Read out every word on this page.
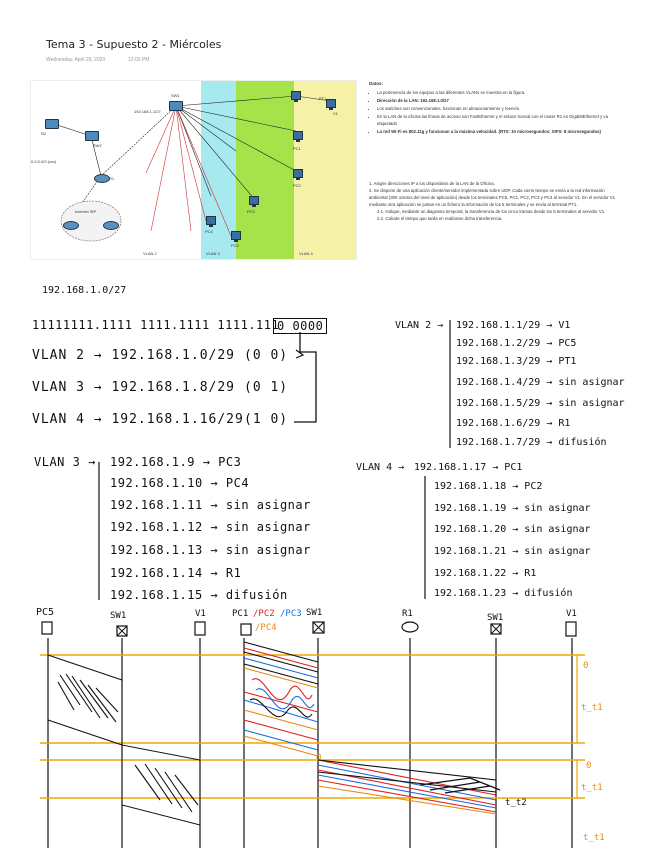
Tema 3 - Supuesto 2 - Miércoles
Wednesday, April 29, 2020	12:00 PM
VLAN 2	VLAN 3	VLAN 4
R2
SW2
0.0.0.0/0 (xxx)
R1
Internet ISP
192.168.1.1/27
SW1
PT1
V1
PC1
PC2
PC3
PC4
PC5
Datos:
• La pertenencia de los equipos a las diferentes VLANs se muestra en la figura.
• Dirección de la LAN: 192.168.1.0/27
• Los switches son convencionales, funcionan en almacenamiento y reenvío
• En la LAN de la oficina las líneas de acceso son FastEthernet y el enlace troncal con el router R1 es GigabitEthernet y va etiquetado
• La red Wi-Fi es 802.11g y funcionan a la máxima velocidad. (RTS: 10 microsegundos; SIFS: 8 microsegundos)
1. Asigne direcciones IP a los dispositivos de la LAN de la Oficina.
2. Se dispone de una aplicación cliente/servidor implementada sobre UDP. Cada cierto tiempo se envía a la red información ambiental (300 octetos del nivel de aplicación) desde los terminales PC5, PC1, PC2, PC3 y PC4 al servidor V1. En el servidor V1 mediante otra aplicación se juntan en un fichero la información de los 5 terminales y se envía al terminal PT1.
2.1. Indique, mediante un diagrama temporal, la transferencia de los cinco tramas desde los 5 terminales al servidor V1.
2.2. Calcule el tiempo que tarda en realizarse dicha transferencia.
192.168.1.0/27
11111111.1111 1111.1111 1111.111
0 0000
VLAN 2 → 192.168.1.0/29 (0 0)
VLAN 3 → 192.168.1.8/29 (0 1)
VLAN 4 → 192.168.1.16/29 (1 0)
VLAN 3 → 192.168.1.9 → PC3
192.168.1.10 → PC4
192.168.1.11 → sin asignar
192.168.1.12 → sin asignar
192.168.1.13 → sin asignar
192.168.1.14 → R1
192.168.1.15 → difusión
VLAN 2 → 192.168.1.1/29 → V1
192.168.1.2/29 → PC5
192.168.1.3/29 → PT1
192.168.1.4/29 → sin asignar
192.168.1.5/29 → sin asignar
192.168.1.6/29 → R1
192.168.1.7/29 → difusión
VLAN 4 → 192.168.1.17 → PC1
192.168.1.18 → PC2
192.168.1.19 → sin asignar
192.168.1.20 → sin asignar
192.168.1.21 → sin asignar
192.168.1.22 → R1
192.168.1.23 → difusión
PC5	SW1	V1	PC1 /PC2 /PC3
/PC4
SW1	R1	SW1	V1
t_t1
t_t1
t_t1
0
0
0
t_t2
